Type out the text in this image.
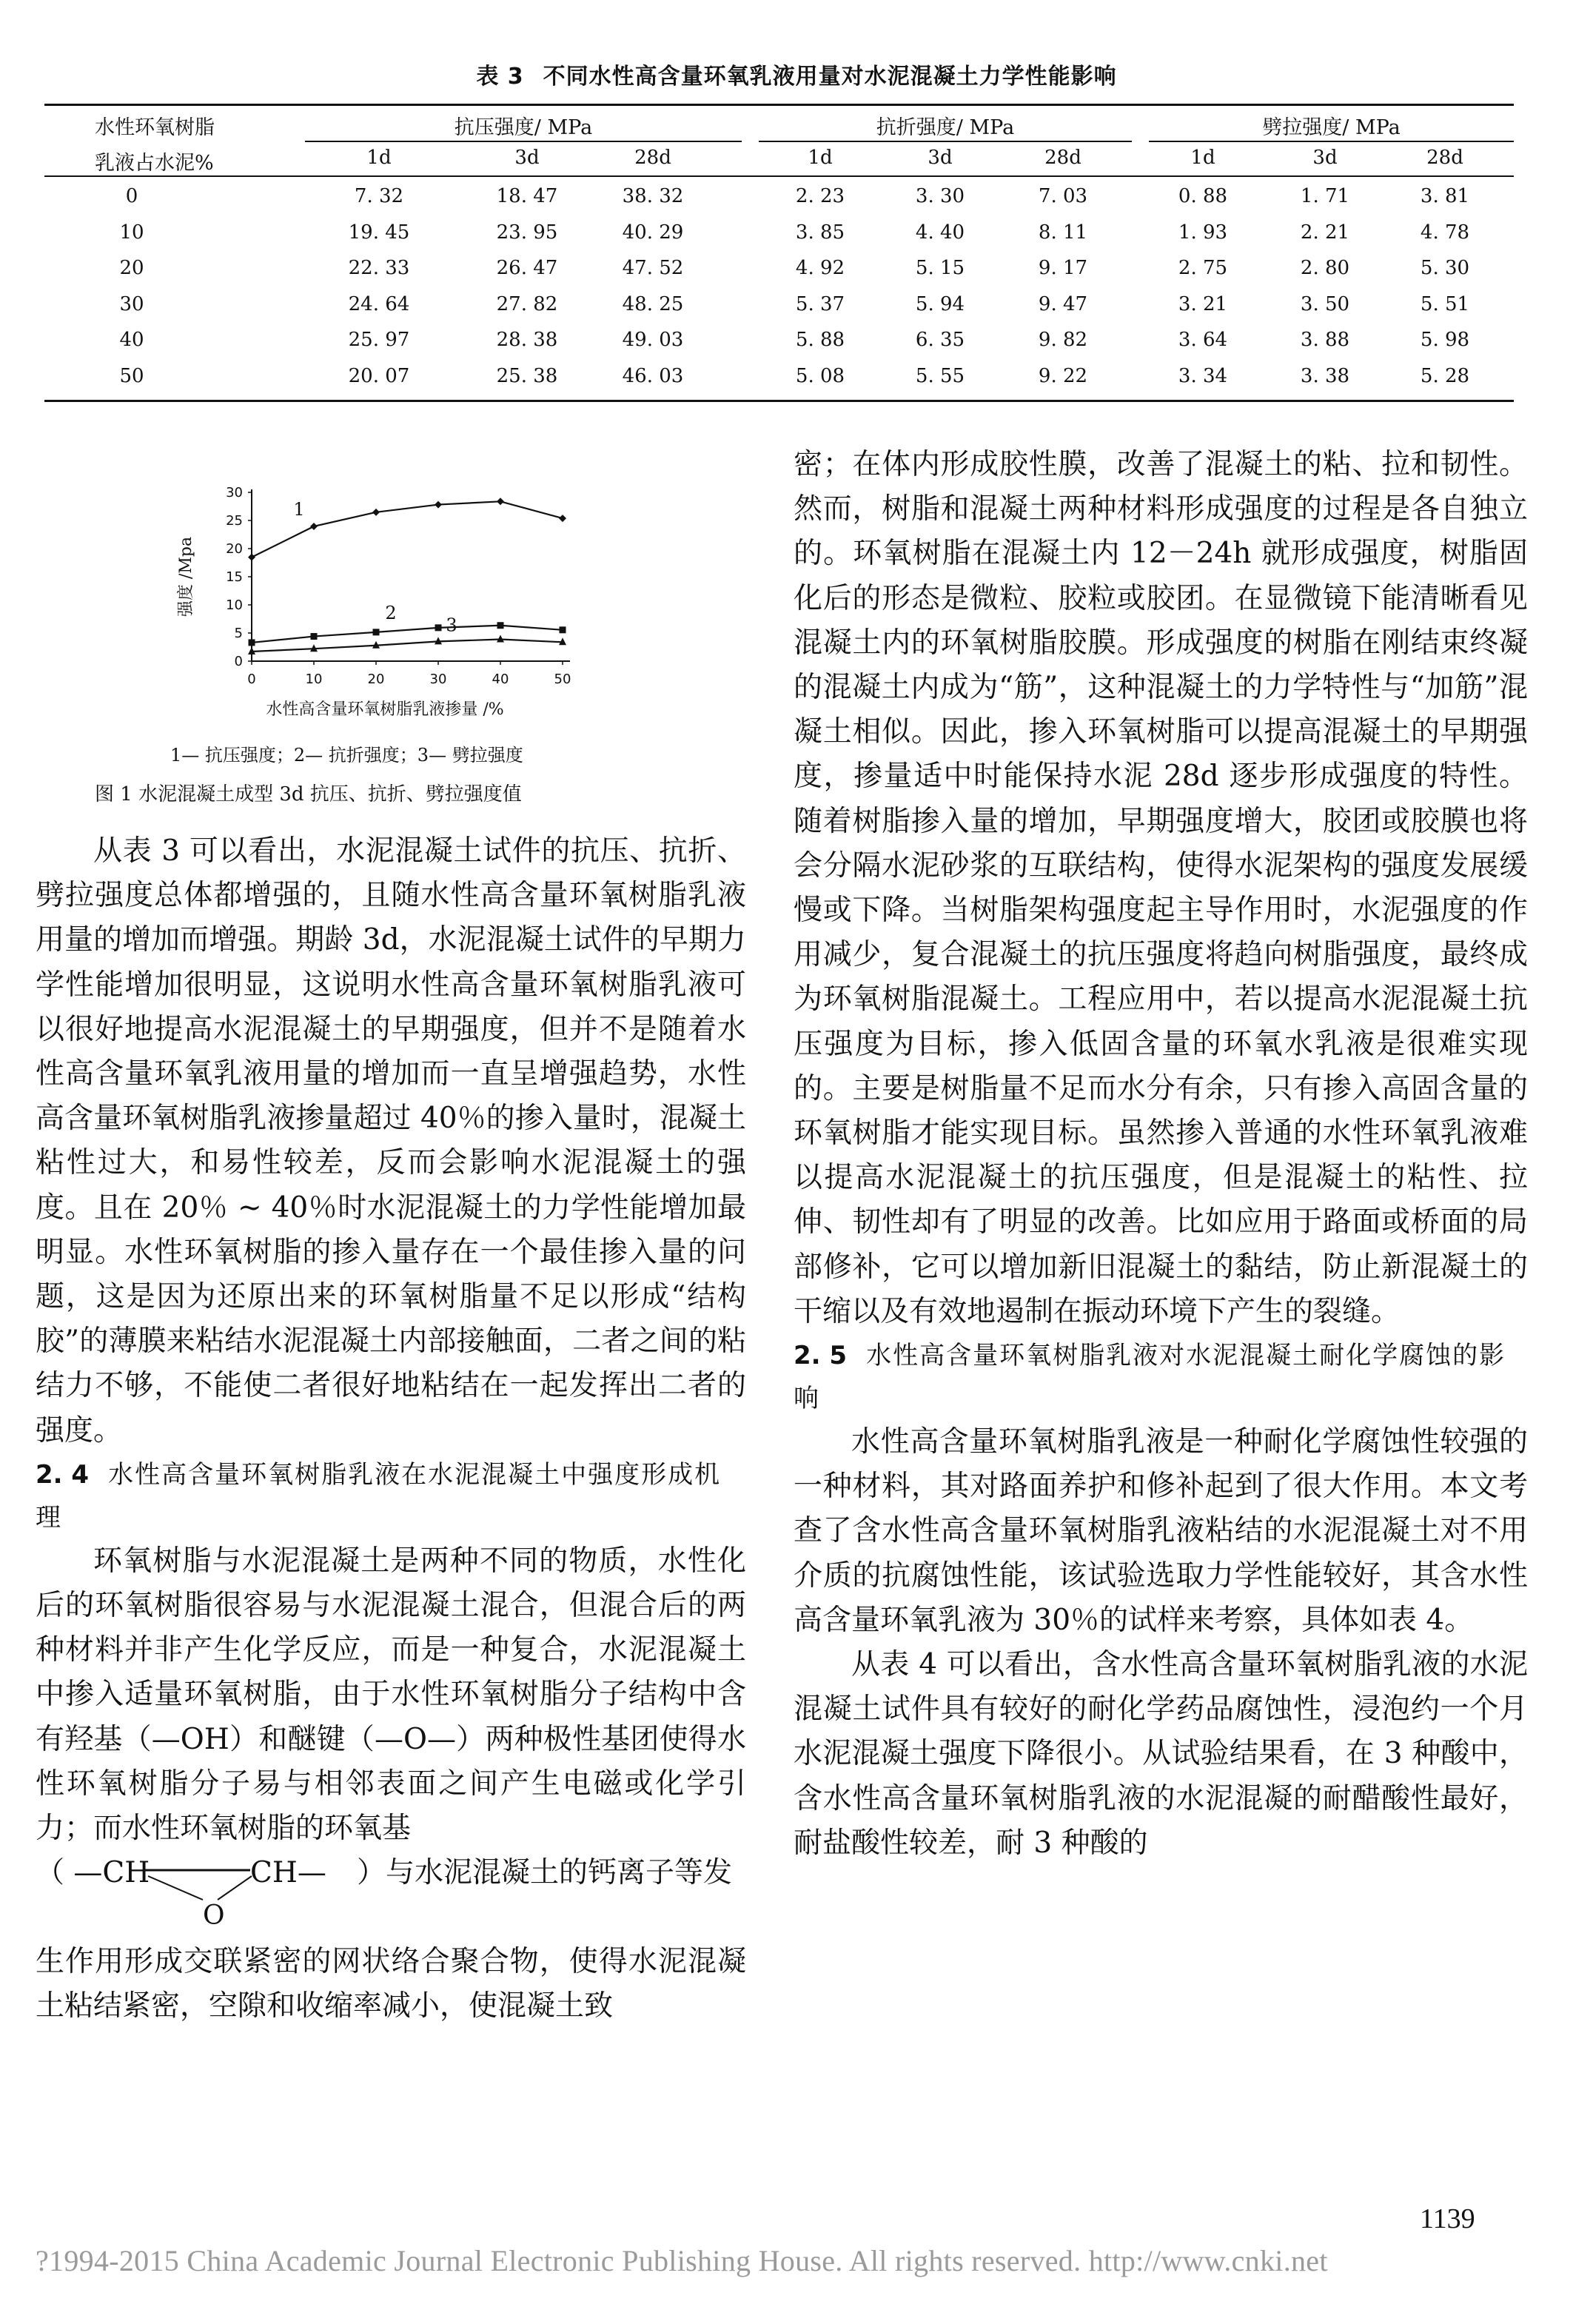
表 3 不同水性高含量环氧乳液用量对水泥混凝土力学性能影响
水性环氧树脂
乳液占水泥%
抗压强度/ MPa	抗折强度/ MPa	劈拉强度/ MPa
1d	3d	28d	1d	3d	28d	1d	3d	28d
0	7. 32	18. 47	38. 32	2. 23	3. 30	7. 03	0. 88	1. 71	3. 81
10	19. 45	23. 95	40. 29	3. 85	4. 40	8. 11	1. 93	2. 21	4. 78
20	22. 33	26. 47	47. 52	4. 92	5. 15	9. 17	2. 75	2. 80	5. 30
30	24. 64	27. 82	48. 25	5. 37	5. 94	9. 47	3. 21	3. 50	5. 51
40	25. 97	28. 38	49. 03	5. 88	6. 35	9. 82	3. 64	3. 88	5. 98
50	20. 07	25. 38	46. 03	5. 08	5. 55	9. 22	3. 34	3. 38	5. 28
0
5
10
15
20
25
30
0	10	20	30	40	50
水性高含量环氧树脂乳液掺量 /%
强度 /Mpa
1
2
3
1— 抗压强度；2— 抗折强度；3— 劈拉强度
图 1 水泥混凝土成型 3d 抗压、抗折、劈拉强度值

从表 3 可以看出，水泥混凝土试件的抗压、抗折、劈拉强度总体都增强的，且随水性高含量环氧树脂乳液用量的增加而增强。期龄 3d，水泥混凝土试件的早期力学性能增加很明显，这说明水性高含量环氧树脂乳液可以很好地提高水泥混凝土的早期强度，但并不是随着水性高含量环氧乳液用量的增加而一直呈增强趋势，水性高含量环氧树脂乳液掺量超过 40％的掺入量时，混凝土粘性过大，和易性较差，反而会影响水泥混凝土的强度。且在 20％ ~ 40％时水泥混凝土的力学性能增加最明显。水性环氧树脂的掺入量存在一个最佳掺入量的问题，这是因为还原出来的环氧树脂量不足以形成“结构胶”的薄膜来粘结水泥混凝土内部接触面，二者之间的粘结力不够，不能使二者很好地粘结在一起发挥出二者的强度。

2. 4 水性高含量环氧树脂乳液在水泥混凝土中强度形成机理

环氧树脂与水泥混凝土是两种不同的物质，水性化后的环氧树脂很容易与水泥混凝土混合，但混合后的两种材料并非产生化学反应，而是一种复合，水泥混凝土中掺入适量环氧树脂，由于水性环氧树脂分子结构中含有羟基（—OH）和醚键（—O—）两种极性基团使得水性环氧树脂分子易与相邻表面之间产生电磁或化学引力；而水性环氧树脂的环氧基

（ —CH	CH— ）与水泥混凝土的钙离子等发
O

生作用形成交联紧密的网状络合聚合物，使得水泥混凝土粘结紧密，空隙和收缩率减小，使混凝土致

密；在体内形成胶性膜，改善了混凝土的粘、拉和韧性。然而，树脂和混凝土两种材料形成强度的过程是各自独立的。环氧树脂在混凝土内 12－24h 就形成强度，树脂固化后的形态是微粒、胶粒或胶团。在显微镜下能清晰看见混凝土内的环氧树脂胶膜。形成强度的树脂在刚结束终凝的混凝土内成为“筋”，这种混凝土的力学特性与“加筋”混凝土相似。因此，掺入环氧树脂可以提高混凝土的早期强度，掺量适中时能保持水泥 28d 逐步形成强度的特性。随着树脂掺入量的增加，早期强度增大，胶团或胶膜也将会分隔水泥砂浆的互联结构，使得水泥架构的强度发展缓慢或下降。当树脂架构强度起主导作用时，水泥强度的作用减少，复合混凝土的抗压强度将趋向树脂强度，最终成为环氧树脂混凝土。工程应用中，若以提高水泥混凝土抗压强度为目标，掺入低固含量的环氧水乳液是很难实现的。主要是树脂量不足而水分有余，只有掺入高固含量的环氧树脂才能实现目标。虽然掺入普通的水性环氧乳液难以提高水泥混凝土的抗压强度，但是混凝土的粘性、拉伸、韧性却有了明显的改善。比如应用于路面或桥面的局部修补，它可以增加新旧混凝土的黏结，防止新混凝土的干缩以及有效地遏制在振动环境下产生的裂缝。

2. 5 水性高含量环氧树脂乳液对水泥混凝土耐化学腐蚀的影响

水性高含量环氧树脂乳液是一种耐化学腐蚀性较强的一种材料，其对路面养护和修补起到了很大作用。本文考查了含水性高含量环氧树脂乳液粘结的水泥混凝土对不用介质的抗腐蚀性能，该试验选取力学性能较好，其含水性高含量环氧乳液为 30％的试样来考察，具体如表 4。

从表 4 可以看出，含水性高含量环氧树脂乳液的水泥混凝土试件具有较好的耐化学药品腐蚀性，浸泡约一个月水泥混凝土强度下降很小。从试验结果看，在 3 种酸中，含水性高含量环氧树脂乳液的水泥混凝的耐醋酸性最好，耐盐酸性较差，耐 3 种酸的

1139
?1994-2015 China Academic Journal Electronic Publishing House. All rights reserved. http://www.cnki.net
